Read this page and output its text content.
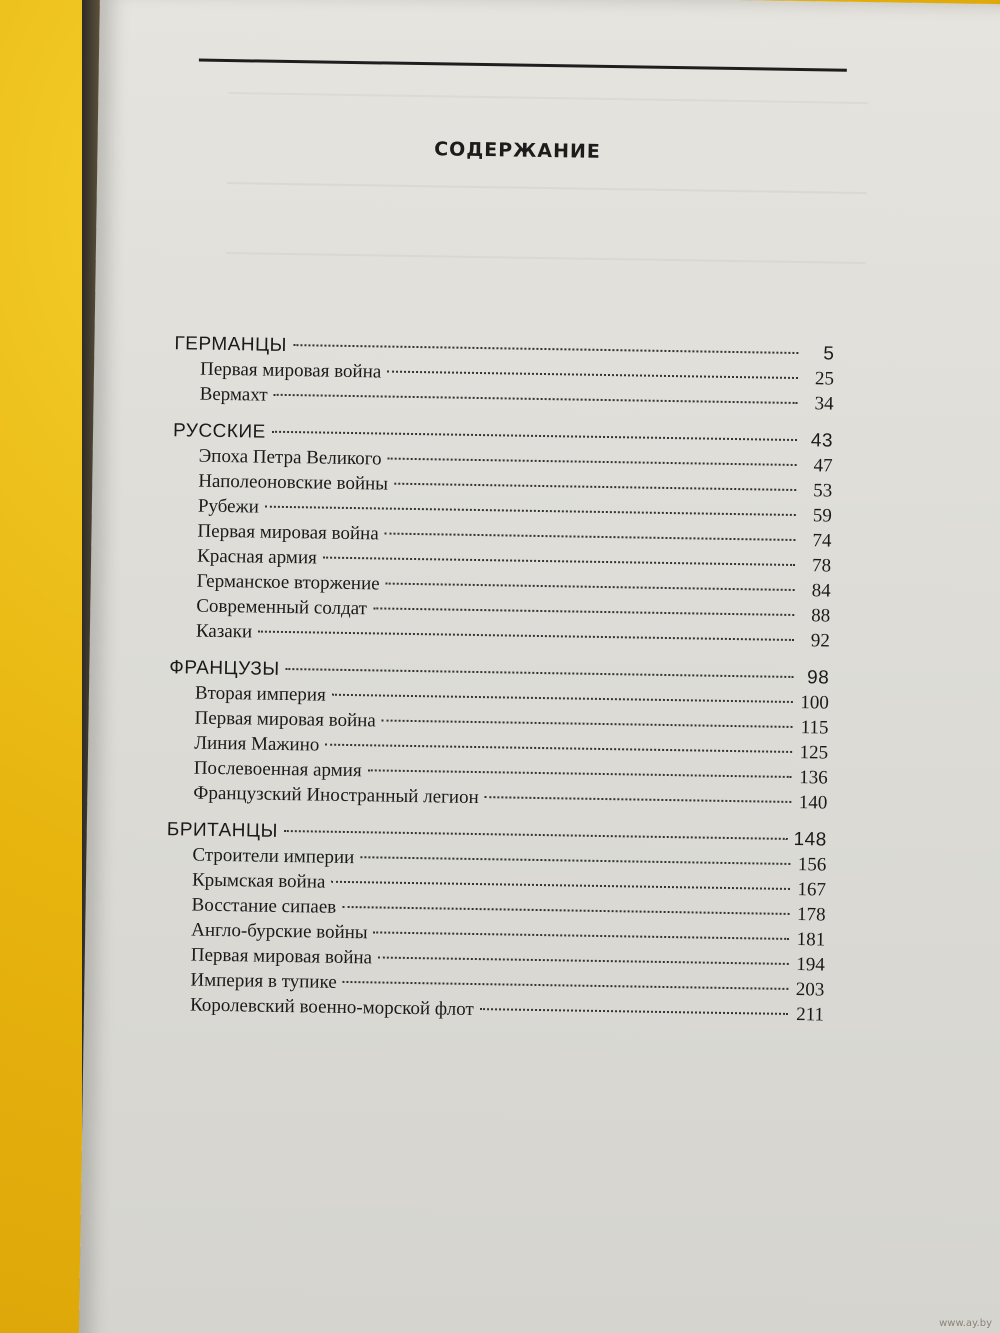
СОДЕРЖАНИЕ
ГЕРМАНЦЫ	5
Первая мировая война	25
Вермахт	34
РУССКИЕ	43
Эпоха Петра Великого	47
Наполеоновские войны	53
Рубежи	59
Первая мировая война	74
Красная армия	78
Германское вторжение	84
Современный солдат	88
Казаки	92
ФРАНЦУЗЫ	98
Вторая империя	100
Первая мировая война	115
Линия Мажино	125
Послевоенная армия	136
Французский Иностранный легион	140
БРИТАНЦЫ	148
Строители империи	156
Крымская война	167
Восстание сипаев	178
Англо-бурские войны	181
Первая мировая война	194
Империя в тупике	203
Королевский военно-морской флот	211
www.ay.by
